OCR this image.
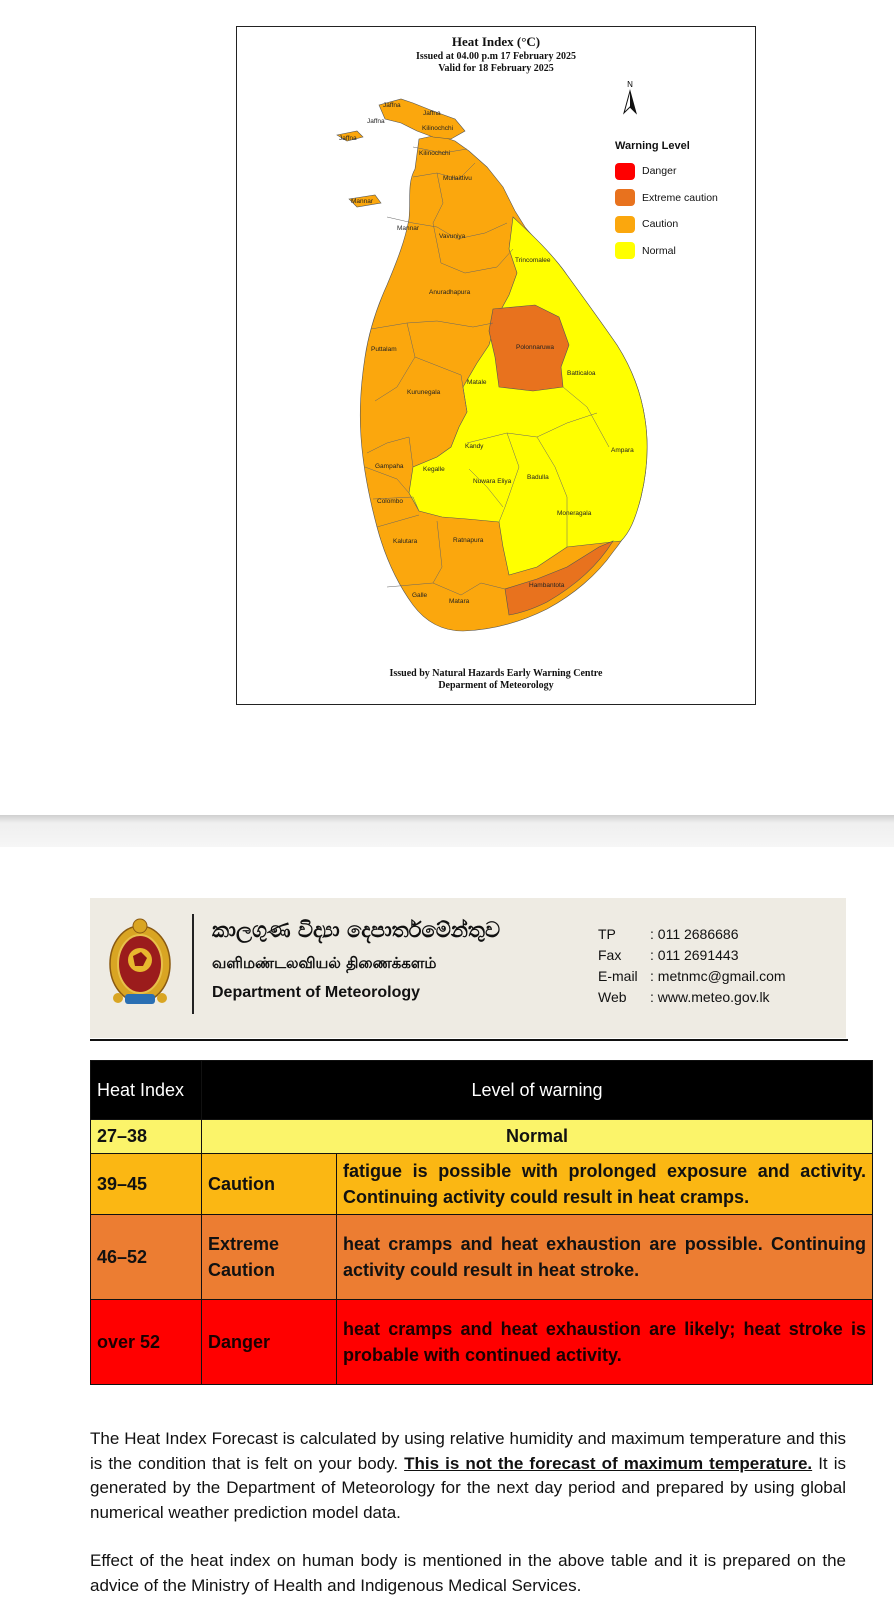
N
Jaffna
Jaffna
Jaffna
Jaffna
Kilinochchi
Kilinochchi
Mullaittivu
Mannar
Mannar
Vavuniya
Trincomalee
Anuradhapura
Polonnaruwa
Puttalam
Matale
Batticaloa
Kurunegala
Kandy
Ampara
Gampaha	Kegalle
Nuwara Eliya
Badulla
Colombo
Moneragala
Kalutara	Ratnapura
Hambantota
Galle
Matara
Heat Index (°C)
Issued at 04.00 p.m 17 February 2025
Valid for 18 February 2025
Warning Level
Danger
Extreme caution
Caution
Normal
Issued by Natural Hazards Early Warning Centre
Deparment of Meteorology
කාලගුණ විද්‍යා දෙපාර්තමේන්තුව
வளிமண்டலவியல் திணைக்களம்
Department of Meteorology
TP	: 011 2686686
Fax	: 011 2691443
E-mail : metnmc@gmail.com
Web	: www.meteo.gov.lk
Heat Index	Level of warning	
27–38	Normal	
39–45	Caution	fatigue is possible with prolonged exposure and activity. Continuing activity could result in heat cramps.
46–52	Extreme Caution	heat cramps and heat exhaustion are possible. Continuing activity could result in heat stroke.
over 52	Danger	heat cramps and heat exhaustion are likely; heat stroke is probable with continued activity.
The Heat Index Forecast is calculated by using relative humidity and maximum temperature and this is the condition that is felt on your body. This is not the forecast of maximum temperature. It is generated by the Department of Meteorology for the next day period and prepared by using global numerical weather prediction model data.
Effect of the heat index on human body is mentioned in the above table and it is prepared on the advice of the Ministry of Health and Indigenous Medical Services.
